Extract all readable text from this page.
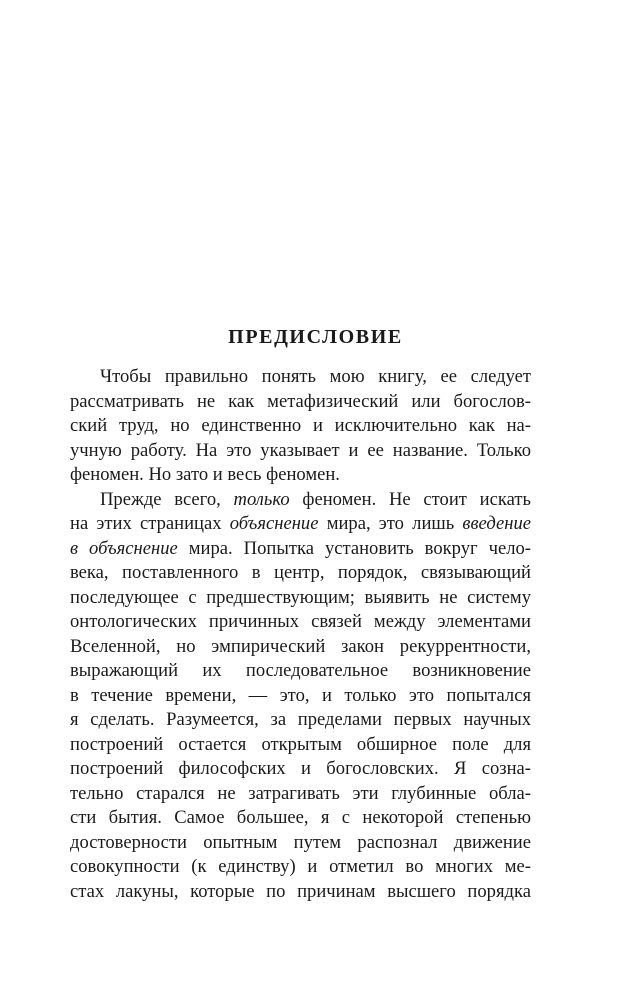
ПРЕДИСЛОВИЕ
Чтобы правильно понять мою книгу, ее следует
рассматривать не как метафизический или богослов-
ский труд, но единственно и исключительно как на-
учную работу. На это указывает и ее название. Только
феномен. Но зато и весь феномен.
Прежде всего, только феномен. Не стоит искать
на этих страницах объяснение мира, это лишь введение
в объяснение мира. Попытка установить вокруг чело-
века, поставленного в центр, порядок, связывающий
последующее с предшествующим; выявить не систему
онтологических причинных связей между элементами
Вселенной, но эмпирический закон рекуррентности,
выражающий их последовательное возникновение
в течение времени, — это, и только это попытался
я сделать. Разумеется, за пределами первых научных
построений остается открытым обширное поле для
построений философских и богословских. Я созна-
тельно старался не затрагивать эти глубинные обла-
сти бытия. Самое большее, я с некоторой степенью
достоверности опытным путем распознал движение
совокупности (к единству) и отметил во многих ме-
стах лакуны, которые по причинам высшего порядка
